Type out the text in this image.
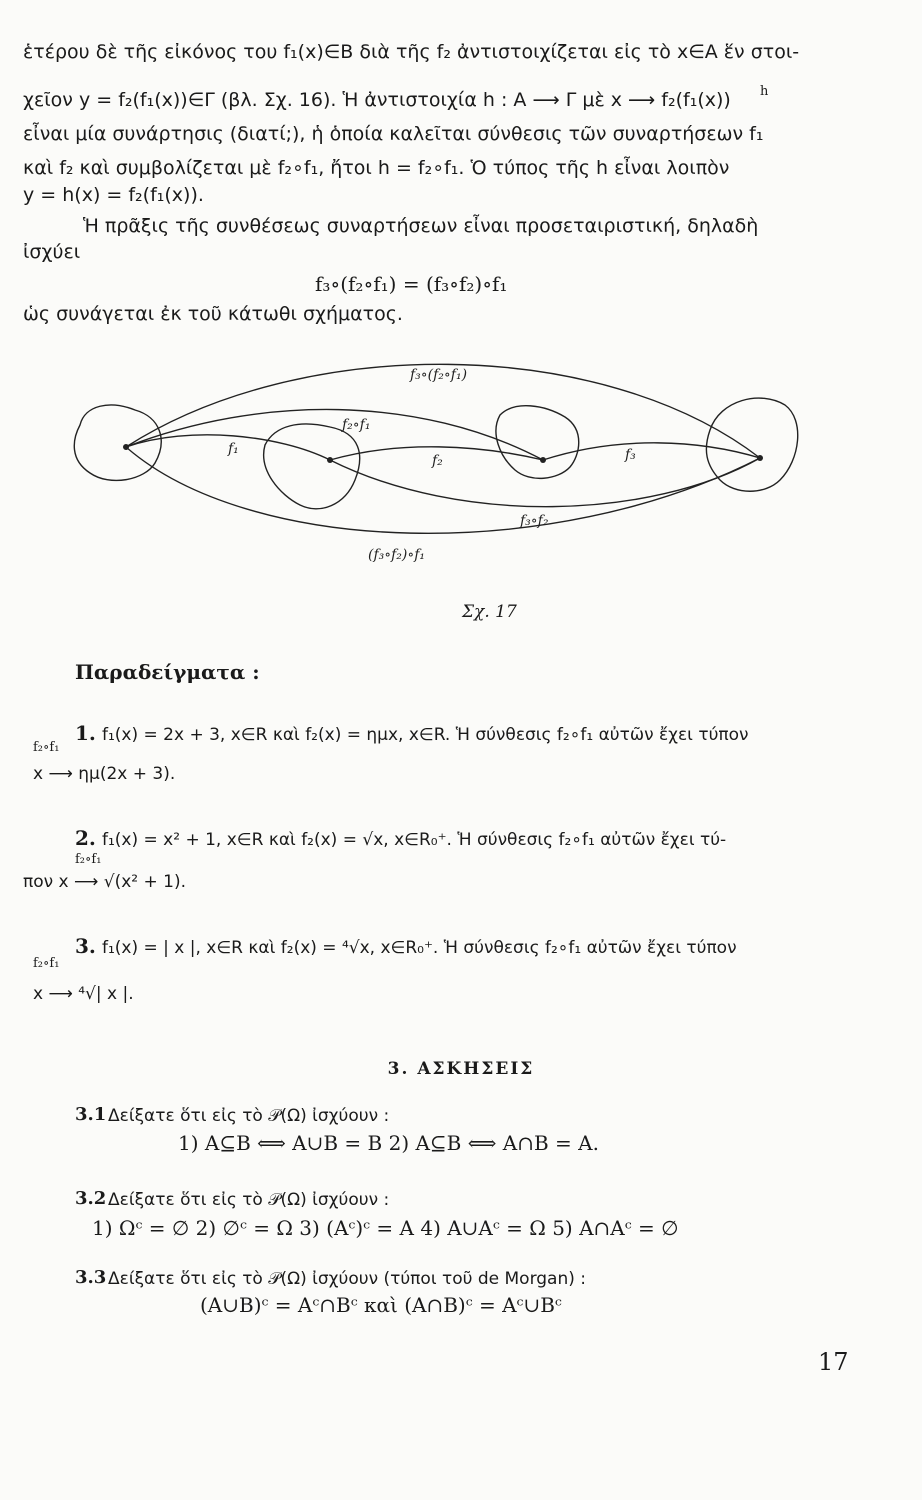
ἑτέρου δὲ τῆς εἰκόνος του f₁(x)∈B διὰ τῆς f₂ ἀντιστοιχίζεται εἰς τὸ x∈A ἕν στοι-
χεῖον y = f₂(f₁(x))∈Γ (βλ. Σχ. 16). Ἡ ἀντιστοιχία h : A ⟶ Γ μὲ x ⟶ f₂(f₁(x)) h
εἶναι μία συνάρτησις (διατί;), ἡ ὁποία καλεῖται σύνθεσις τῶν συναρτήσεων f₁
καὶ f₂ καὶ συμβολίζεται μὲ f₂∘f₁, ἤτοι h = f₂∘f₁. Ὁ τύπος τῆς h εἶναι λοιπὸν
y = h(x) = f₂(f₁(x)).
Ἡ πρᾶξις τῆς συνθέσεως συναρτήσεων εἶναι προσεταιριστική, δηλαδὴ
ἰσχύει
f₃∘(f₂∘f₁) = (f₃∘f₂)∘f₁
ὡς συνάγεται ἐκ τοῦ κάτωθι σχήματος.
f₃∘(f₂∘f₁)
f₂∘f₁
f₁
f₂	f₃
f₃∘f₂
(f₃∘f₂)∘f₁
Σχ. 17
Παραδείγματα :
1. f₁(x) = 2x + 3, x∈R καὶ f₂(x) = ημx, x∈R. Ἡ σύνθεσις f₂∘f₁ αὐτῶν ἔχει τύπον
f₂∘f₁
x ⟶ ημ(2x + 3).
2. f₁(x) = x² + 1, x∈R καὶ f₂(x) = √x, x∈R₀⁺. Ἡ σύνθεσις f₂∘f₁ αὐτῶν ἔχει τύ-
f₂∘f₁
πον x ⟶ √(x² + 1).
3. f₁(x) = | x |, x∈R καὶ f₂(x) = ⁴√x, x∈R₀⁺. Ἡ σύνθεσις f₂∘f₁ αὐτῶν ἔχει τύπον
f₂∘f₁
x ⟶ ⁴√| x |.
3. ΑΣΚΗΣΕΙΣ
3.1 Δείξατε ὅτι εἰς τὸ 𝒫(Ω) ἰσχύουν :
1) A⊆B ⟺ A∪B = B 2) A⊆B ⟺ A∩B = A.
3.2 Δείξατε ὅτι εἰς τὸ 𝒫(Ω) ἰσχύουν :
1) Ωᶜ = ∅ 2) ∅ᶜ = Ω 3) (Aᶜ)ᶜ = A 4) A∪Aᶜ = Ω 5) A∩Aᶜ = ∅
3.3 Δείξατε ὅτι εἰς τὸ 𝒫(Ω) ἰσχύουν (τύποι τοῦ de Morgan) :
(A∪B)ᶜ = Aᶜ∩Bᶜ καὶ (A∩B)ᶜ = Aᶜ∪Bᶜ
17
